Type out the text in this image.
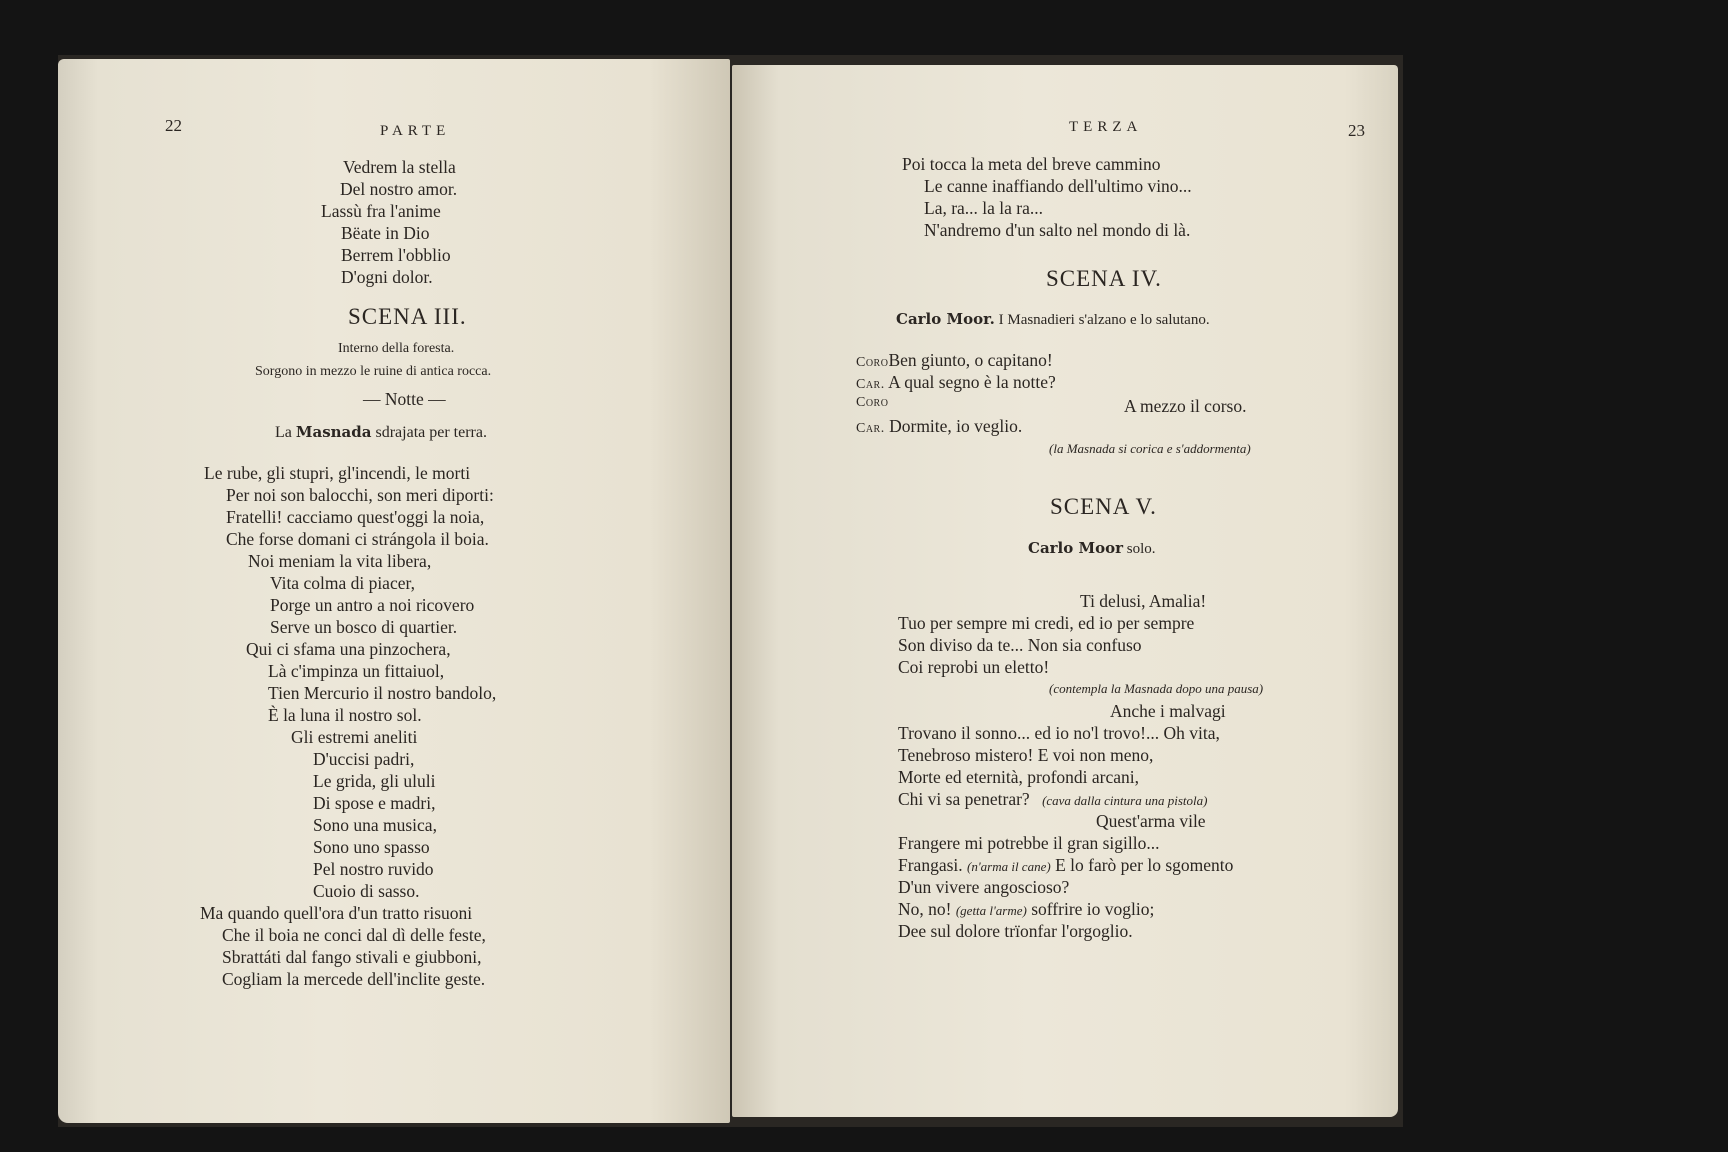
22	PARTE
Vedrem la stella
Del nostro amor.
Lassù fra l'anime
Bëate in Dio
Berrem l'obblio
D'ogni dolor.
SCENA III.
Interno della foresta.
Sorgono in mezzo le ruine di antica rocca.
— Notte —
La Masnada sdrajata per terra.
Le rube, gli stupri, gl'incendi, le morti
Per noi son balocchi, son meri diporti:
Fratelli! cacciamo quest'oggi la noia,
Che forse domani ci strángola il boia.
Noi meniam la vita libera,
Vita colma di piacer,
Porge un antro a noi ricovero
Serve un bosco di quartier.
Qui ci sfama una pinzochera,
Là c'impinza un fittaiuol,
Tien Mercurio il nostro bandolo,
È la luna il nostro sol.
Gli estremi aneliti
D'uccisi padri,
Le grida, gli ululi
Di spose e madri,
Sono una musica,
Sono uno spasso
Pel nostro ruvido
Cuoio di sasso.
Ma quando quell'ora d'un tratto risuoni
Che il boia ne conci dal dì delle feste,
Sbrattáti dal fango stivali e giubboni,
Cogliam la mercede dell'inclite geste.
TERZA	23
Poi tocca la meta del breve cammino
Le canne inaffiando dell'ultimo vino...
La, ra... la la ra...
N'andremo d'un salto nel mondo di là.
SCENA IV.
Carlo Moor. I Masnadieri s'alzano e lo salutano.
CoroBen giunto, o capitano!
Car. A qual segno è la notte?
Coro	A mezzo il corso.
Car. Dormite, io veglio.
(la Masnada si corica e s'addormenta)
SCENA V.
Carlo Moor solo.
Ti delusi, Amalia!
Tuo per sempre mi credi, ed io per sempre
Son diviso da te... Non sia confuso
Coi reprobi un eletto!
(contempla la Masnada dopo una pausa)
Anche i malvagi
Trovano il sonno... ed io no'l trovo!... Oh vita,
Tenebroso mistero! E voi non meno,
Morte ed eternità, profondi arcani,
Chi vi sa penetrar? (cava dalla cintura una pistola)
Quest'arma vile
Frangere mi potrebbe il gran sigillo...
Frangasi. (n'arma il cane) E lo farò per lo sgomento
D'un vivere angoscioso?
No, no! (getta l'arme) soffrire io voglio;
Dee sul dolore trïonfar l'orgoglio.
